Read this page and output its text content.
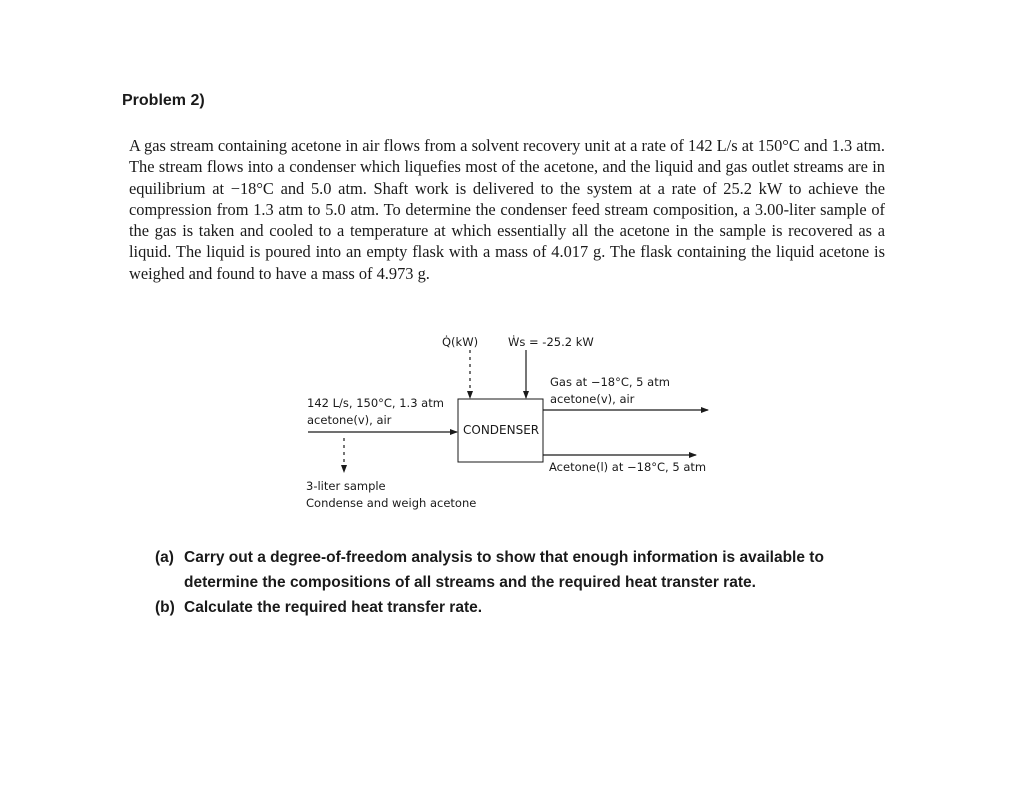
Problem 2)

A gas stream containing acetone in air flows from a solvent recovery unit at a rate of 142 L/s at 150°C and 1.3 atm. The stream flows into a condenser which liquefies most of the acetone, and the liquid and gas outlet streams are in equilibrium at −18°C and 5.0 atm. Shaft work is delivered to the system at a rate of 25.2 kW to achieve the compression from 1.3 atm to 5.0 atm. To determine the condenser feed stream composition, a 3.00-liter sample of the gas is taken and cooled to a temperature at which essentially all the acetone in the sample is recovered as a liquid. The liquid is poured into an empty flask with a mass of 4.017 g. The flask containing the liquid acetone is weighed and found to have a mass of 4.973 g.

Q̇(kW)	Ẇs = -25.2 kW
142 L/s, 150°C, 1.3 atm
acetone(v), air
CONDENSER
Gas at −18°C, 5 atm
acetone(v), air
Acetone(l) at −18°C, 5 atm
3-liter sample
Condense and weigh acetone
(a) Carry out a degree-of-freedom analysis to show that enough information is available to determine the compositions of all streams and the required heat transter rate.
(b) Calculate the required heat transfer rate.
